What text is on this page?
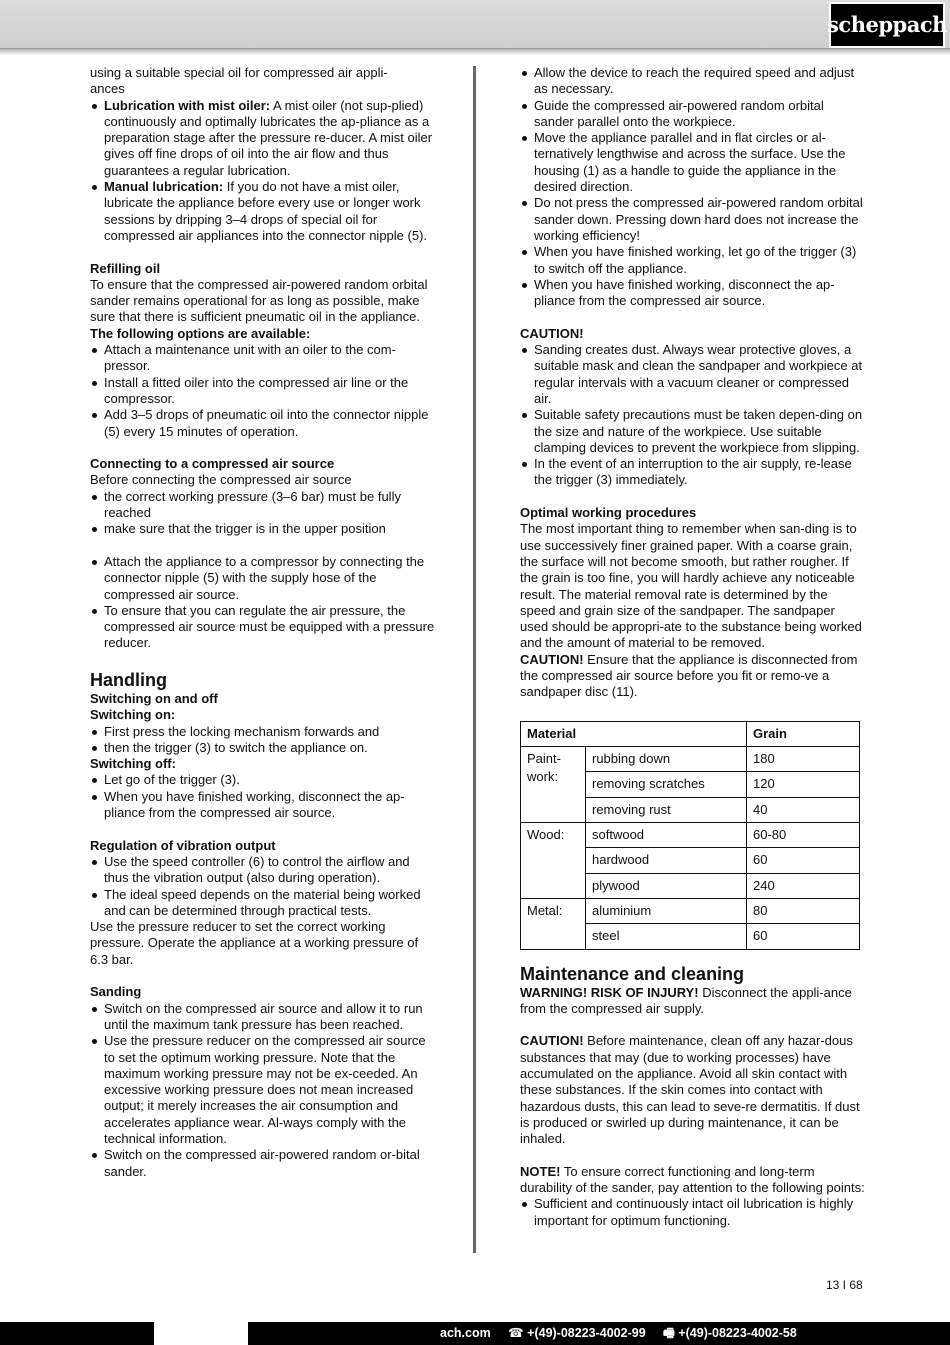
scheppach

using a suitable special oil for compressed air appli-
ances

Lubrication with mist oiler: A mist oiler (not sup-plied) continuously and optimally lubricates the ap-pliance as a preparation stage after the pressure re-ducer. A mist oiler gives off fine drops of oil into the air flow and thus guarantees a regular lubrication.
Manual lubrication: If you do not have a mist oiler, lubricate the appliance before every use or longer work sessions by dripping 3–4 drops of special oil for compressed air appliances into the connector nipple (5).

Refilling oil

To ensure that the compressed air-powered random orbital sander remains operational for as long as possible, make sure that there is sufficient pneumatic oil in the appliance.

The following options are available:

Attach a maintenance unit with an oiler to the com-pressor.
Install a fitted oiler into the compressed air line or the compressor.
Add 3–5 drops of pneumatic oil into the connector nipple (5) every 15 minutes of operation.

Connecting to a compressed air source

Before connecting the compressed air source

the correct working pressure (3–6 bar) must be fully reached
make sure that the trigger is in the upper position
Attach the appliance to a compressor by connecting the connector nipple (5) with the supply hose of the compressed air source.
To ensure that you can regulate the air pressure, the compressed air source must be equipped with a pressure reducer.

Handling

Switching on and off

Switching on:

First press the locking mechanism forwards and
then the trigger (3) to switch the appliance on.

Switching off:

Let go of the trigger (3).
When you have finished working, disconnect the ap-pliance from the compressed air source.

Regulation of vibration output

Use the speed controller (6) to control the airflow and thus the vibration output (also during operation).
The ideal speed depends on the material being worked and can be determined through practical tests.

Use the pressure reducer to set the correct working pressure. Operate the appliance at a working pressure of 6.3 bar.

Sanding

Switch on the compressed air source and allow it to run until the maximum tank pressure has been reached.
Use the pressure reducer on the compressed air source to set the optimum working pressure. Note that the maximum working pressure may not be ex-ceeded. An excessive working pressure does not mean increased output; it merely increases the air consumption and accelerates appliance wear. Al-ways comply with the technical information.
Switch on the compressed air-powered random or-bital sander.
Allow the device to reach the required speed and adjust as necessary.
Guide the compressed air-powered random orbital sander parallel onto the workpiece.
Move the appliance parallel and in flat circles or al-ternatively lengthwise and across the surface. Use the housing (1) as a handle to guide the appliance in the desired direction.
Do not press the compressed air-powered random orbital sander down. Pressing down hard does not increase the working efficiency!
When you have finished working, let go of the trigger (3) to switch off the appliance.
When you have finished working, disconnect the ap-pliance from the compressed air source.

CAUTION!

Sanding creates dust. Always wear protective gloves, a suitable mask and clean the sandpaper and workpiece at regular intervals with a vacuum cleaner or compressed air.
Suitable safety precautions must be taken depen-ding on the size and nature of the workpiece. Use suitable clamping devices to prevent the workpiece from slipping.
In the event of an interruption to the air supply, re-lease the trigger (3) immediately.

Optimal working procedures

The most important thing to remember when san-ding is to use successively finer grained paper. With a coarse grain, the surface will not become smooth, but rather rougher. If the grain is too fine, you will hardly achieve any noticeable result. The material removal rate is determined by the speed and grain size of the sandpaper. The sandpaper used should be appropri-ate to the substance being worked and the amount of material to be removed.

CAUTION! Ensure that the appliance is disconnected from the compressed air source before you fit or remo-ve a sandpaper disc (11).

Material		Grain
Paint-
work:	rubbing down	180
	removing scratches	120
	removing rust	40
Wood:	softwood	60-80
	hardwood	60
	plywood	240
Metal:	aluminium	80
	steel	60

Maintenance and cleaning

WARNING! RISK OF INJURY! Disconnect the appli-ance from the compressed air supply.

CAUTION! Before maintenance, clean off any hazar-dous substances that may (due to working processes) have accumulated on the appliance. Avoid all skin contact with these substances. If the skin comes into contact with hazardous dusts, this can lead to seve-re dermatitis. If dust is produced or swirled up during maintenance, it can be inhaled.

NOTE! To ensure correct functioning and long-term durability of the sander, pay attention to the following points:

Sufficient and continuously intact oil lubrication is highly important for optimum functioning.
13 I 68
ach.com ☎ +(49)-08223-4002-99 🖷 +(49)-08223-4002-58
